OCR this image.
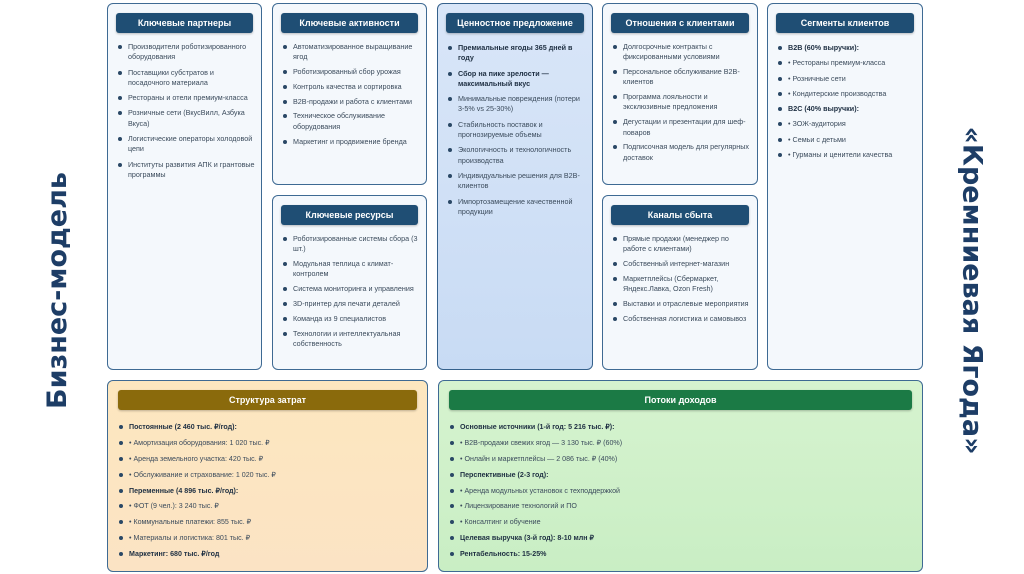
Бизнес-модель	«Кремниевая Ягода»
Ключевые партнеры
Производители роботизированного оборудования
Поставщики субстратов и посадочного материала
Рестораны и отели премиум-класса
Розничные сети (ВкусВилл, Азбука Вкуса)
Логистические операторы холодовой цепи
Институты развития АПК и грантовые программы
Ключевые активности
Автоматизированное выращивание ягод
Роботизированный сбор урожая
Контроль качества и сортировка
B2B-продажи и работа с клиентами
Техническое обслуживание оборудования
Маркетинг и продвижение бренда
Ключевые ресурсы
Роботизированные системы сбора (3 шт.)
Модульная теплица с климат-контролем
Система мониторинга и управления
3D-принтер для печати деталей
Команда из 9 специалистов
Технологии и интеллектуальная собственность
Ценностное предложение
Премиальные ягоды 365 дней в году
Сбор на пике зрелости — максимальный вкус
Минимальные повреждения (потери 3-5% vs 25-30%)
Стабильность поставок и прогнозируемые объемы
Экологичность и технологичность производства
Индивидуальные решения для B2B-клиентов
Импортозамещение качественной продукции
Отношения с клиентами
Долгосрочные контракты с фиксированными условиями
Персональное обслуживание B2B-клиентов
Программа лояльности и эксклюзивные предложения
Дегустации и презентации для шеф-поваров
Подписочная модель для регулярных доставок
Каналы сбыта
Прямые продажи (менеджер по работе с клиентами)
Собственный интернет-магазин
Маркетплейсы (Сбермаркет, Яндекс.Лавка, Ozon Fresh)
Выставки и отраслевые мероприятия
Собственная логистика и самовывоз
Сегменты клиентов
B2B (60% выручки):
• Рестораны премиум-класса
• Розничные сети
• Кондитерские производства
B2C (40% выручки):
• ЗОЖ-аудитория
• Семьи с детьми
• Гурманы и ценители качества
Структура затрат
Постоянные (2 460 тыс. ₽/год):
• Амортизация оборудования: 1 020 тыс. ₽
• Аренда земельного участка: 420 тыс. ₽
• Обслуживание и страхование: 1 020 тыс. ₽
Переменные (4 896 тыс. ₽/год):
• ФОТ (9 чел.): 3 240 тыс. ₽
• Коммунальные платежи: 855 тыс. ₽
• Материалы и логистика: 801 тыс. ₽
Маркетинг: 680 тыс. ₽/год
Потоки доходов
Основные источники (1-й год: 5 216 тыс. ₽):
• B2B-продажи свежих ягод — 3 130 тыс. ₽ (60%)
• Онлайн и маркетплейсы — 2 086 тыс. ₽ (40%)
Перспективные (2-3 год):
• Аренда модульных установок с техподдержкой
• Лицензирование технологий и ПО
• Консалтинг и обучение
Целевая выручка (3-й год): 8-10 млн ₽
Рентабельность: 15-25%
